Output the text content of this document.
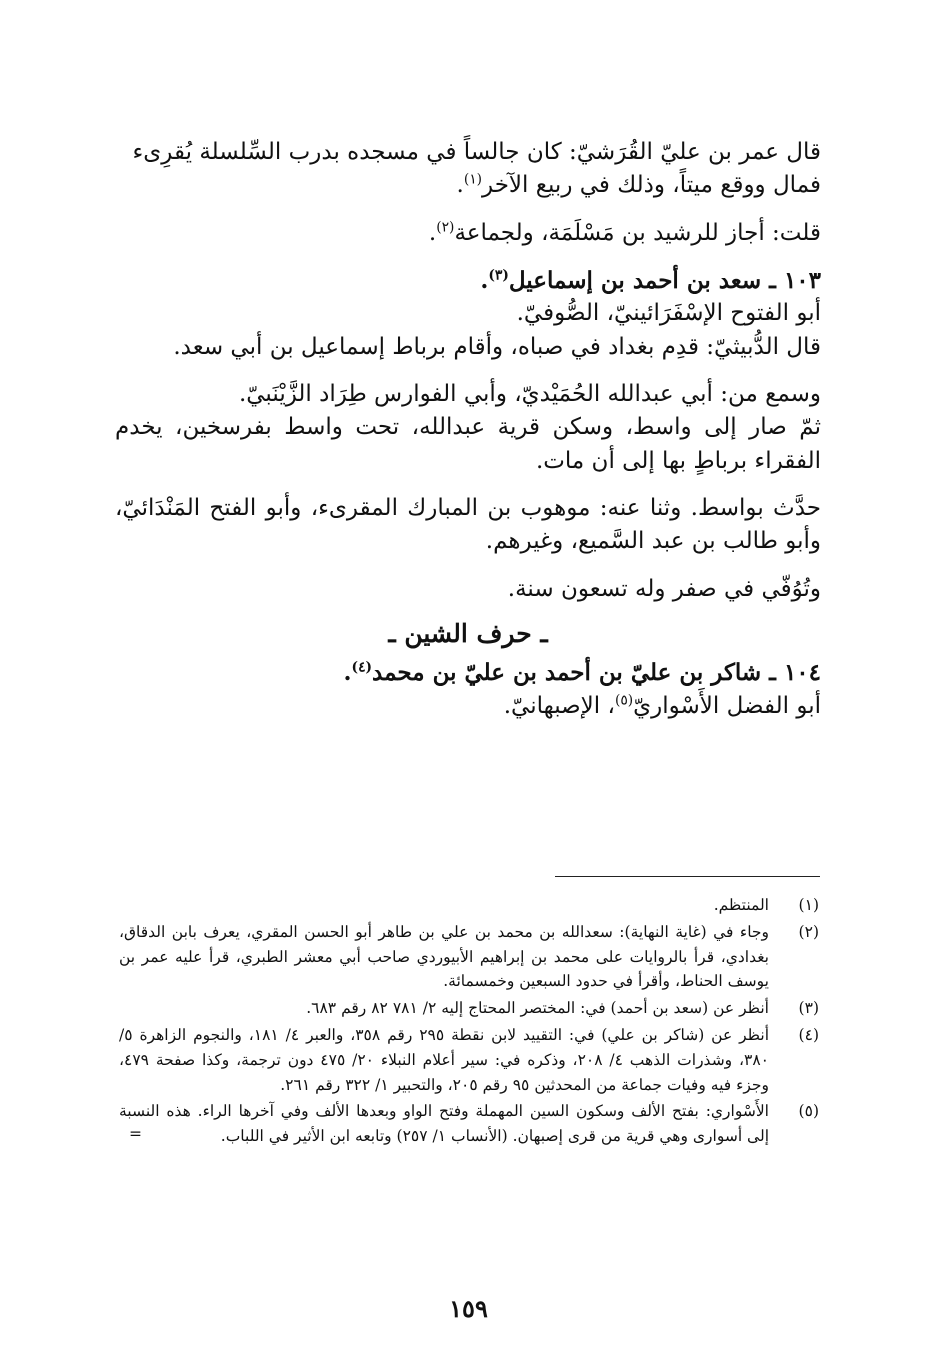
قال عمر بن عليّ القُرَشيّ: كان جالساً في مسجده بدرب السِّلسلة يُقرِىء
فمال ووقع ميتاً، وذلك في ربيع الآخر$^{(١)}$.

قلت: أجاز للرشيد بن مَسْلَمَة، ولجماعة$^{(٢)}$.

١٠٣ ـ سعد بن أحمد بن إسماعيل$^{(٣)}$.

أبو الفتوح الإسْفَرَائينيّ، الصُّوفيّ.

قال الدُّبيثيّ: قدِم بغداد في صباه، وأقام برباط إسماعيل بن أبي سعد.

وسمع من: أبي عبدالله الحُمَيْديّ، وأبي الفوارس طِرَاد الزَّيْنَبيّ.

ثمّ صار إلى واسط، وسكن قرية عبدالله، تحت واسط بفرسخين، يخدم الفقراء برباطٍ بها إلى أن مات.

حدَّث بواسط. وثنا عنه: موهوب بن المبارك المقرىء، وأبو الفتح المَنْدَائيّ، وأبو طالب بن عبد السَّميع، وغيرهم.

وتُوُفّي في صفر وله تسعون سنة.

ـ حرف الشين ـ

١٠٤ ـ شاكر بن عليّ بن أحمد بن عليّ بن محمد$^{(٤)}$.

أبو الفضل الأَسْواريّ$^{(٥)}$، الإصبهانيّ.

(١)
المنتظم.
(٢)
وجاء في (غاية النهاية): سعدالله بن محمد بن علي بن طاهر أبو الحسن المقري، يعرف بابن الدقاق، بغدادي، قرأ بالروايات على محمد بن إبراهيم الأبيوردي صاحب أبي معشر الطبري، قرأ عليه عمر بن يوسف الحناط، وأقرأ في حدود السبعين وخمسمائة.
(٣)
أنظر عن (سعد بن أحمد) في: المختصر المحتاج إليه ٢/ ٧٨١ ٨٢ رقم ٦٨٣.
(٤)
أنظر عن (شاكر بن علي) في: التقييد لابن نقطة ٢٩٥ رقم ٣٥٨، والعبر ٤/ ١٨١، والنجوم الزاهرة ٥/ ٣٨٠، وشذرات الذهب ٤/ ٢٠٨، وذكره في: سير أعلام النبلاء ٢٠/ ٤٧٥ دون ترجمة، وكذا صفحة ٤٧٩، وجزء فيه وفيات جماعة من المحدثين ٩٥ رقم ٢٠٥، والتحبير ١/ ٣٢٢ رقم ٢٦١.
(٥)
الأَسْواري: بفتح الألف وسكون السين المهملة وفتح الواو وبعدها الألف وفي آخرها الراء. هذه النسبة إلى أسوارى وهي قرية من قرى إصبهان. (الأنساب ١/ ٢٥٧) وتابعه ابن الأثير في اللباب.
=
١٥٩
